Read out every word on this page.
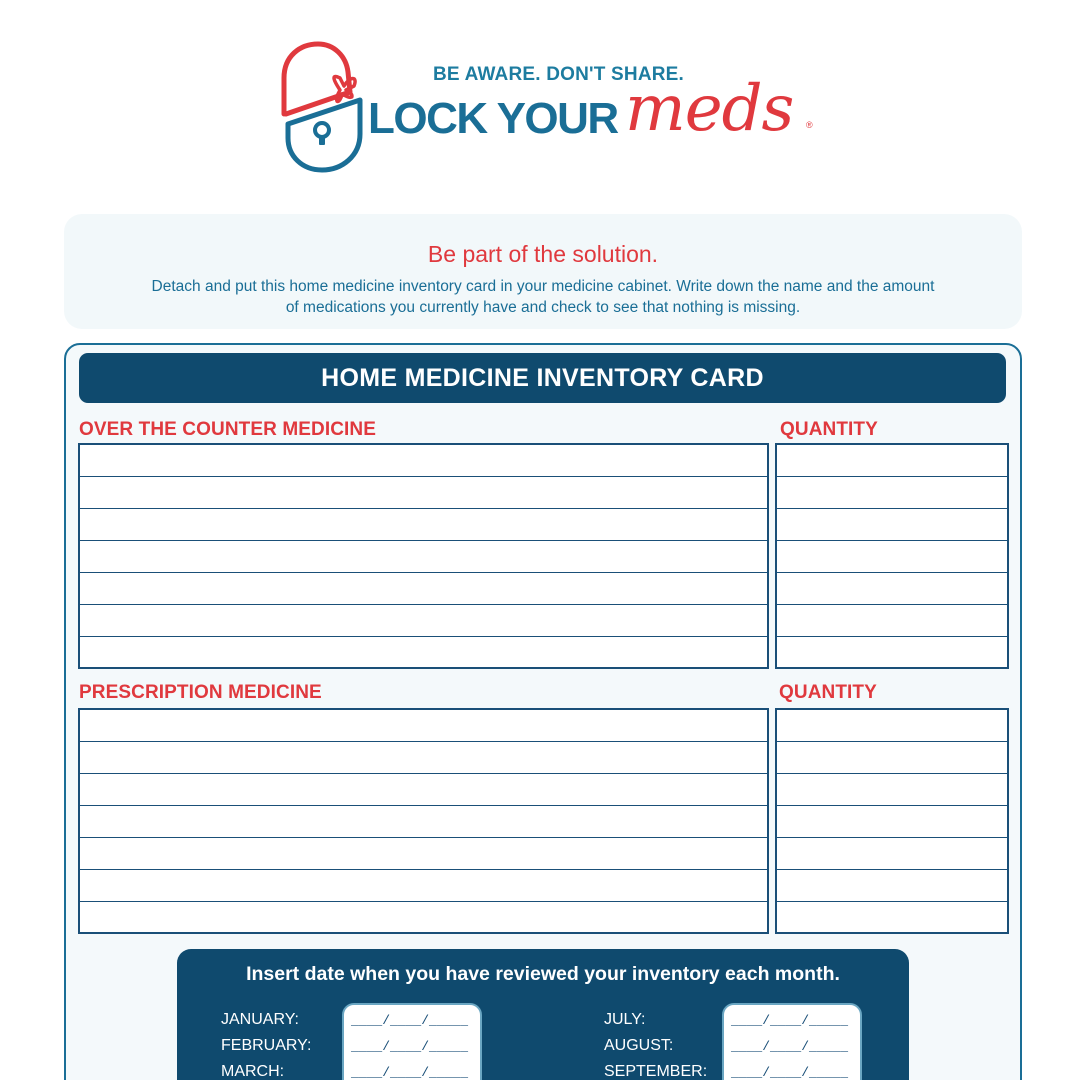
BE AWARE. DON'T SHARE.
LOCK YOUR meds ®
Be part of the solution.
Detach and put this home medicine inventory card in your medicine cabinet. Write down the name and the amount of medications you currently have and check to see that nothing is missing.
HOME MEDICINE INVENTORY CARD
OVER THE COUNTER MEDICINE	QUANTITY
PRESCRIPTION MEDICINE	QUANTITY
Insert date when you have reviewed your inventory each month.
JANUARY:
FEBRUARY:
MARCH:
____/____/_____
____/____/_____
____/____/_____
JULY:
AUGUST:
SEPTEMBER:
____/____/_____
____/____/_____
____/____/_____
